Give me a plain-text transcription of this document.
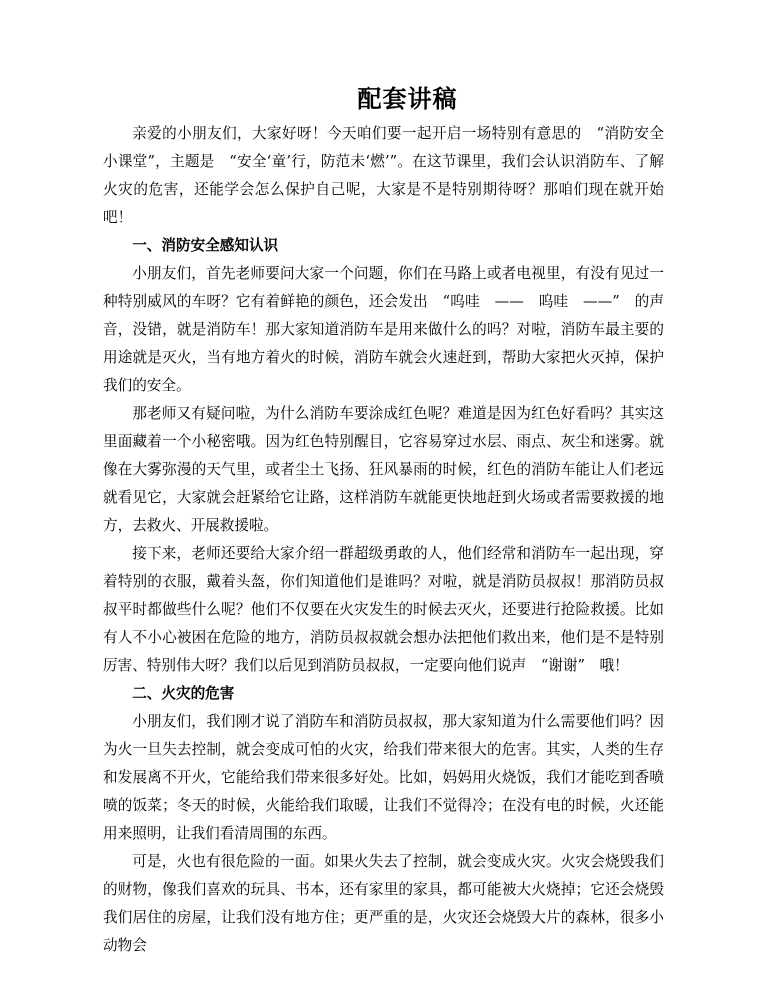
配套讲稿

亲爱的小朋友们，大家好呀！今天咱们要一起开启一场特别有意思的　“消防安全小课堂”，主题是　“安全‘童’行，防范未‘燃’”。在这节课里，我们会认识消防车、了解火灾的危害，还能学会怎么保护自己呢，大家是不是特别期待呀？那咱们现在就开始吧！

一、消防安全感知认识

小朋友们，首先老师要问大家一个问题，你们在马路上或者电视里，有没有见过一种特别威风的车呀？它有着鲜艳的颜色，还会发出　“呜哇　——　呜哇　——”　的声音，没错，就是消防车！那大家知道消防车是用来做什么的吗？对啦，消防车最主要的用途就是灭火，当有地方着火的时候，消防车就会火速赶到，帮助大家把火灭掉，保护我们的安全。

那老师又有疑问啦，为什么消防车要涂成红色呢？难道是因为红色好看吗？其实这里面藏着一个小秘密哦。因为红色特别醒目，它容易穿过水层、雨点、灰尘和迷雾。就像在大雾弥漫的天气里，或者尘土飞扬、狂风暴雨的时候，红色的消防车能让人们老远就看见它，大家就会赶紧给它让路，这样消防车就能更快地赶到火场或者需要救援的地方，去救火、开展救援啦。

接下来，老师还要给大家介绍一群超级勇敢的人，他们经常和消防车一起出现，穿着特别的衣服，戴着头盔，你们知道他们是谁吗？对啦，就是消防员叔叔！那消防员叔叔平时都做些什么呢？他们不仅要在火灾发生的时候去灭火，还要进行抢险救援。比如有人不小心被困在危险的地方，消防员叔叔就会想办法把他们救出来，他们是不是特别厉害、特别伟大呀？我们以后见到消防员叔叔，一定要向他们说声　“谢谢”　哦！

二、火灾的危害

小朋友们，我们刚才说了消防车和消防员叔叔，那大家知道为什么需要他们吗？因为火一旦失去控制，就会变成可怕的火灾，给我们带来很大的危害。其实，人类的生存和发展离不开火，它能给我们带来很多好处。比如，妈妈用火烧饭，我们才能吃到香喷喷的饭菜；冬天的时候，火能给我们取暖，让我们不觉得冷；在没有电的时候，火还能用来照明，让我们看清周围的东西。

可是，火也有很危险的一面。如果火失去了控制，就会变成火灾。火灾会烧毁我们的财物，像我们喜欢的玩具、书本，还有家里的家具，都可能被大火烧掉；它还会烧毁我们居住的房屋，让我们没有地方住；更严重的是，火灾还会烧毁大片的森林，很多小动物会
